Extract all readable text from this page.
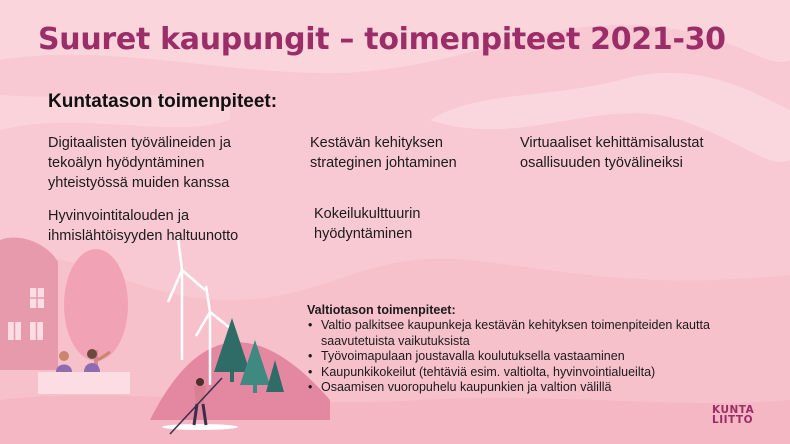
Suuret kaupungit – toimenpiteet 2021-30
Kuntatason toimenpiteet:
Digitaalisten työvälineiden ja tekoälyn hyödyntäminen yhteistyössä muiden kanssa
Kestävän kehityksen strateginen johtaminen
Virtuaaliset kehittämisalustat osallisuuden työvälineiksi
Hyvinvointitalouden ja ihmislähtöisyyden haltuunotto
Kokeilukulttuurin hyödyntäminen
Valtiotason toimenpiteet:
• Valtio palkitsee kaupunkeja kestävän kehityksen toimenpiteiden kautta saavutetuista vaikutuksista
• Työvoimapulaan joustavalla koulutuksella vastaaminen
• Kaupunkikokeilut (tehtäviä esim. valtiolta, hyvinvointialueilta)
• Osaamisen vuoropuhelu kaupunkien ja valtion välillä
KUNTA
LIITTO
